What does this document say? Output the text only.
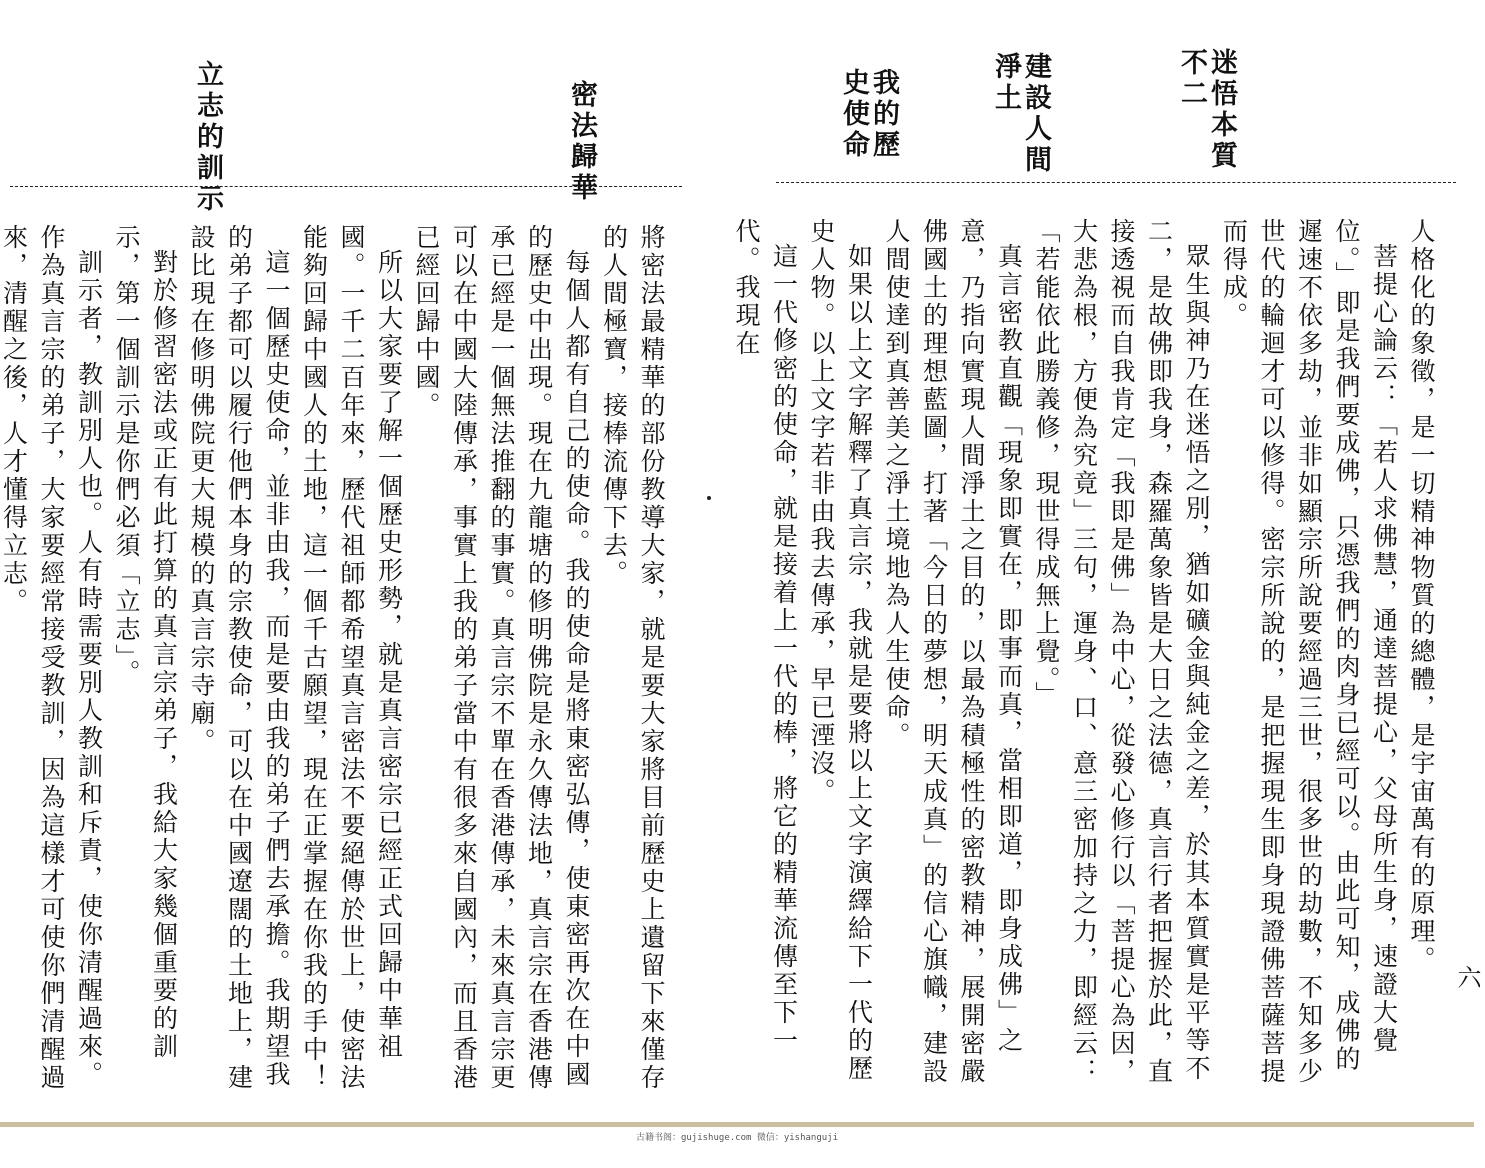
立志的訓示	密法歸華

將密法最精華的部份教導大家，就是要大家將目前歷史上遺留下來僅存的人間極寶，接棒流傳下去。

每個人都有自己的使命。我的使命是將東密弘傳，使東密再次在中國的歷史中出現。現在九龍塘的修明佛院是永久傳法地，真言宗在香港傳承已經是一個無法推翻的事實。真言宗不單在香港傳承，未來真言宗更可以在中國大陸傳承，事實上我的弟子當中有很多來自國內，而且香港已經回歸中國。

所以大家要了解一個歷史形勢，就是真言密宗已經正式回歸中華祖國。一千二百年來，歷代祖師都希望真言密法不要絕傳於世上，使密法能夠回歸中國人的土地，這一個千古願望，現在正掌握在你我的手中！

這一個歷史使命，並非由我，而是要由我的弟子們去承擔。我期望我的弟子都可以履行他們本身的宗教使命，可以在中國遼闊的土地上，建設比現在修明佛院更大規模的真言宗寺廟。

對於修習密法或正有此打算的真言宗弟子，我給大家幾個重要的訓示，第一個訓示是你們必須「立志」。

訓示者，教訓別人也。人有時需要別人教訓和斥責，使你清醒過來。作為真言宗的弟子，大家要經常接受教訓，因為這樣才可使你們清醒過來，清醒之後，人才懂得立志。

我的歷史使命	建設人間淨土	迷悟本質不二

人格化的象徵，是一切精神物質的總體，是宇宙萬有的原理。

菩提心論云：「若人求佛慧，通達菩提心，父母所生身，速證大覺位。」即是我們要成佛，只憑我們的肉身已經可以。由此可知，成佛的遲速不依多劫，並非如顯宗所說要經過三世，很多世的劫數，不知多少世代的輪迴才可以修得。密宗所說的，是把握現生即身現證佛菩薩菩提而得成。

眾生與神乃在迷悟之別，猶如礦金與純金之差，於其本質實是平等不二，是故佛即我身，森羅萬象皆是大日之法德，真言行者把握於此，直接透視而自我肯定「我即是佛」為中心，從發心修行以「菩提心為因，大悲為根，方便為究竟」三句，運身、口、意三密加持之力，即經云：「若能依此勝義修，現世得成無上覺。」

真言密教直觀「現象即實在，即事而真，當相即道，即身成佛」之意，乃指向實現人間淨土之目的，以最為積極性的密教精神，展開密嚴佛國土的理想藍圖，打著「今日的夢想，明天成真」的信心旗幟，建設人間使達到真善美之淨土境地為人生使命。

如果以上文字解釋了真言宗，我就是要將以上文字演繹給下一代的歷史人物。以上文字若非由我去傳承，早已湮沒。

這一代修密的使命，就是接着上一代的棒，將它的精華流傳至下一代。我現在

六
古籍书阁：gujishuge.com 微信：yishanguji
